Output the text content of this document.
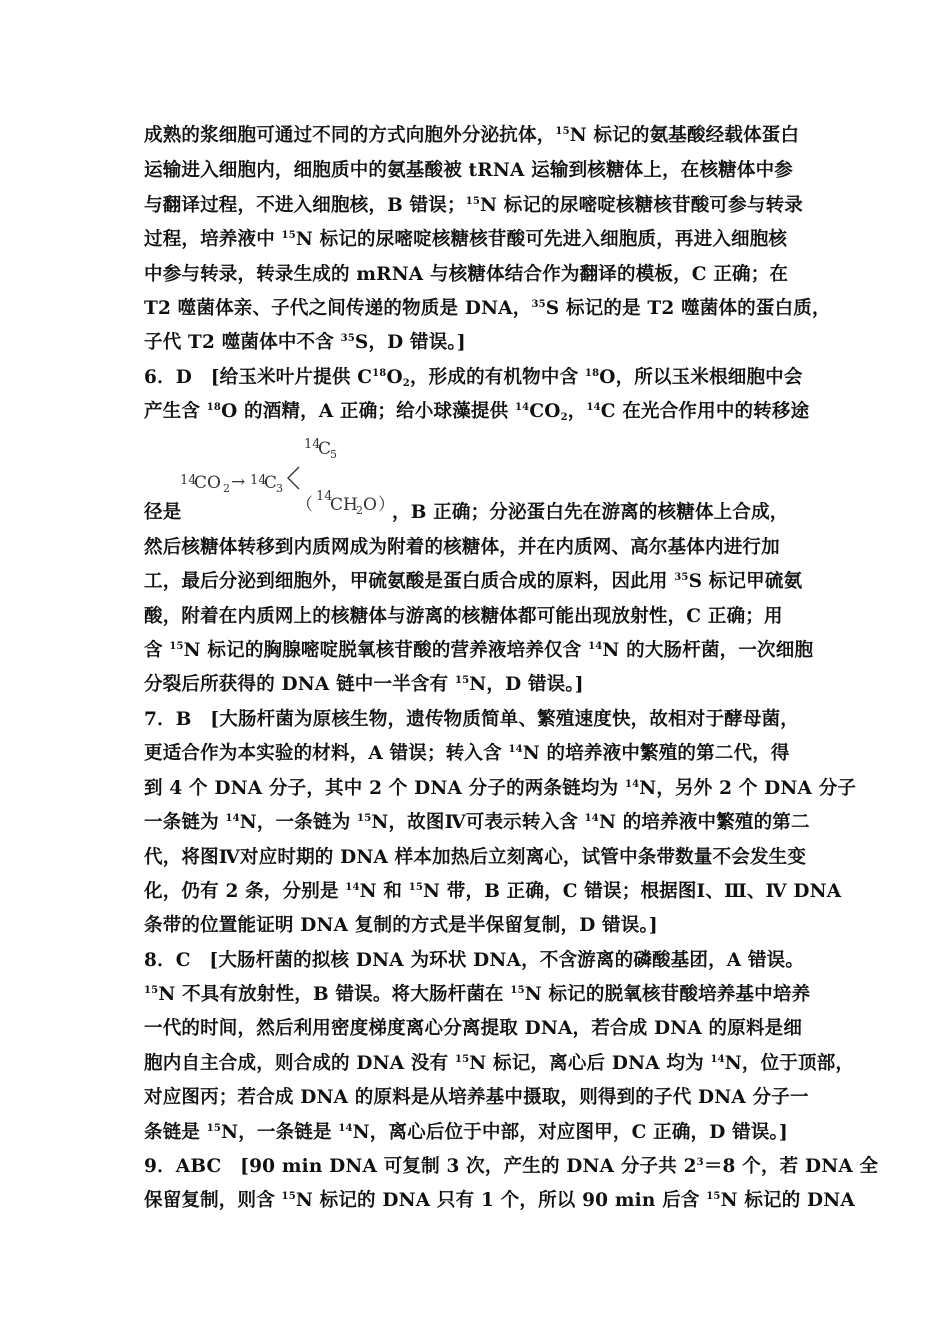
成熟的浆细胞可通过不同的方式向胞外分泌抗体，$^{15}$N 标记的氨基酸经载体蛋白
运输进入细胞内，细胞质中的氨基酸被 tRNA 运输到核糖体上，在核糖体中参
与翻译过程，不进入细胞核，B 错误；$^{15}$N 标记的尿嘧啶核糖核苷酸可参与转录
过程，培养液中 $^{15}$N 标记的尿嘧啶核糖核苷酸可先进入细胞质，再进入细胞核
中参与转录，转录生成的 mRNA 与核糖体结合作为翻译的模板，C 正确；在
T2 噬菌体亲、子代之间传递的物质是 DNA，$^{35}$S 标记的是 T2 噬菌体的蛋白质，
子代 T2 噬菌体中不含 $^{35}$S，D 错误。]
6．D　[给玉米叶片提供 $C^{18}O_2$，形成的有机物中含 $^{18}$O，所以玉米根细胞中会
产生含 $^{18}$O 的酒精，A 正确；给小球藻提供 $^{14}CO_2$，$^{14}$C 在光合作用中的转移途
14
CO 2 → 14
C
3
14
C
5
（ 14
CH
2 O ）
径是	，B 正确；分泌蛋白先在游离的核糖体上合成，
然后核糖体转移到内质网成为附着的核糖体，并在内质网、高尔基体内进行加
工，最后分泌到细胞外，甲硫氨酸是蛋白质合成的原料，因此用 $^{35}$S 标记甲硫氨
酸，附着在内质网上的核糖体与游离的核糖体都可能出现放射性，C 正确；用
含 $^{15}$N 标记的胸腺嘧啶脱氧核苷酸的营养液培养仅含 $^{14}$N 的大肠杆菌，一次细胞
分裂后所获得的 DNA 链中一半含有 $^{15}$N，D 错误。]
7．B　[大肠杆菌为原核生物，遗传物质简单、繁殖速度快，故相对于酵母菌，
更适合作为本实验的材料，A 错误；转入含 $^{14}$N 的培养液中繁殖的第二代，得
到 4 个 DNA 分子，其中 2 个 DNA 分子的两条链均为 $^{14}$N，另外 2 个 DNA 分子
一条链为 $^{14}$N，一条链为 $^{15}$N，故图Ⅳ可表示转入含 $^{14}$N 的培养液中繁殖的第二
代，将图Ⅳ对应时期的 DNA 样本加热后立刻离心，试管中条带数量不会发生变
化，仍有 2 条，分别是 $^{14}$N 和 $^{15}$N 带，B 正确，C 错误；根据图Ⅰ、Ⅲ、Ⅳ DNA
条带的位置能证明 DNA 复制的方式是半保留复制，D 错误。]
8．C　[大肠杆菌的拟核 DNA 为环状 DNA，不含游离的磷酸基团，A 错误。
$^{15}$N 不具有放射性，B 错误。将大肠杆菌在 $^{15}$N 标记的脱氧核苷酸培养基中培养
一代的时间，然后利用密度梯度离心分离提取 DNA，若合成 DNA 的原料是细
胞内自主合成，则合成的 DNA 没有 $^{15}$N 标记，离心后 DNA 均为 $^{14}$N，位于顶部，
对应图丙；若合成 DNA 的原料是从培养基中摄取，则得到的子代 DNA 分子一
条链是 $^{15}$N，一条链是 $^{14}$N，离心后位于中部，对应图甲，C 正确，D 错误。]
9．ABC　[90 min DNA 可复制 3 次，产生的 DNA 分子共 $2^3=8$ 个，若 DNA 全
保留复制，则含 $^{15}$N 标记的 DNA 只有 1 个，所以 90 min 后含 $^{15}$N 标记的 DNA
